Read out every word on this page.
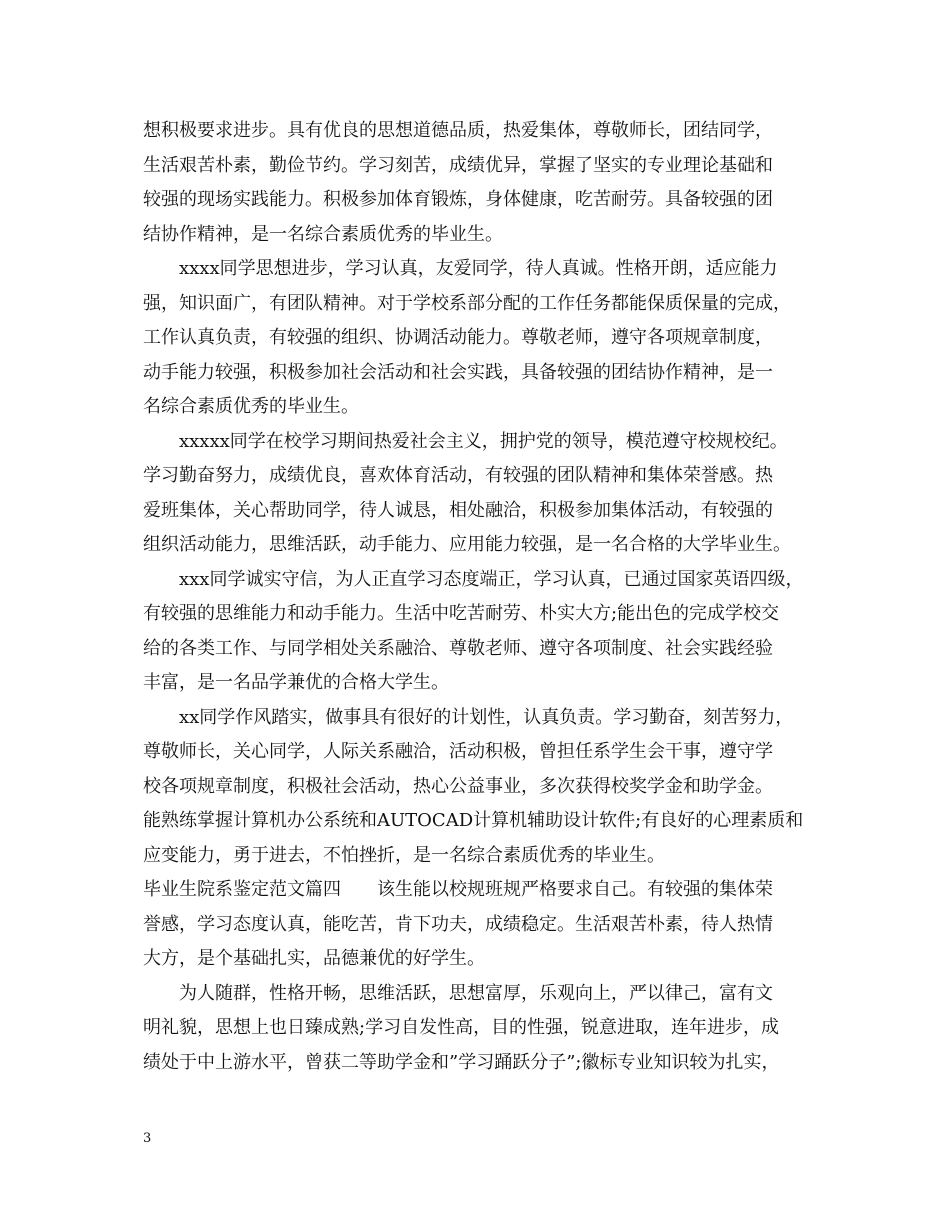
想积极要求进步。具有优良的思想道德品质，热爱集体，尊敬师长，团结同学，
生活艰苦朴素，勤俭节约。学习刻苦，成绩优异，掌握了坚实的专业理论基础和
较强的现场实践能力。积极参加体育锻炼，身体健康，吃苦耐劳。具备较强的团
结协作精神，是一名综合素质优秀的毕业生。
xxxx同学思想进步，学习认真，友爱同学，待人真诚。性格开朗，适应能力
强，知识面广，有团队精神。对于学校系部分配的工作任务都能保质保量的完成，
工作认真负责，有较强的组织、协调活动能力。尊敬老师，遵守各项规章制度，
动手能力较强，积极参加社会活动和社会实践，具备较强的团结协作精神，是一
名综合素质优秀的毕业生。
xxxxx同学在校学习期间热爱社会主义，拥护党的领导，模范遵守校规校纪。
学习勤奋努力，成绩优良，喜欢体育活动，有较强的团队精神和集体荣誉感。热
爱班集体，关心帮助同学，待人诚恳，相处融洽，积极参加集体活动，有较强的
组织活动能力，思维活跃，动手能力、应用能力较强，是一名合格的大学毕业生。
xxx同学诚实守信，为人正直学习态度端正，学习认真，已通过国家英语四级，
有较强的思维能力和动手能力。生活中吃苦耐劳、朴实大方;能出色的完成学校交
给的各类工作、与同学相处关系融洽、尊敬老师、遵守各项制度、社会实践经验
丰富，是一名品学兼优的合格大学生。
xx同学作风踏实，做事具有很好的计划性，认真负责。学习勤奋，刻苦努力，
尊敬师长，关心同学，人际关系融洽，活动积极，曾担任系学生会干事，遵守学
校各项规章制度，积极社会活动，热心公益事业，多次获得校奖学金和助学金。
能熟练掌握计算机办公系统和AUTOCAD计算机辅助设计软件;有良好的心理素质和
应变能力，勇于进去，不怕挫折，是一名综合素质优秀的毕业生。
毕业生院系鉴定范文篇四 该生能以校规班规严格要求自己。有较强的集体荣
誉感，学习态度认真，能吃苦，肯下功夫，成绩稳定。生活艰苦朴素，待人热情
大方，是个基础扎实，品德兼优的好学生。
为人随群，性格开畅，思维活跃，思想富厚，乐观向上，严以律己，富有文
明礼貌，思想上也日臻成熟;学习自发性高，目的性强，锐意进取，连年进步，成
绩处于中上游水平，曾获二等助学金和”学习踊跃分子”;徽标专业知识较为扎实，
3
